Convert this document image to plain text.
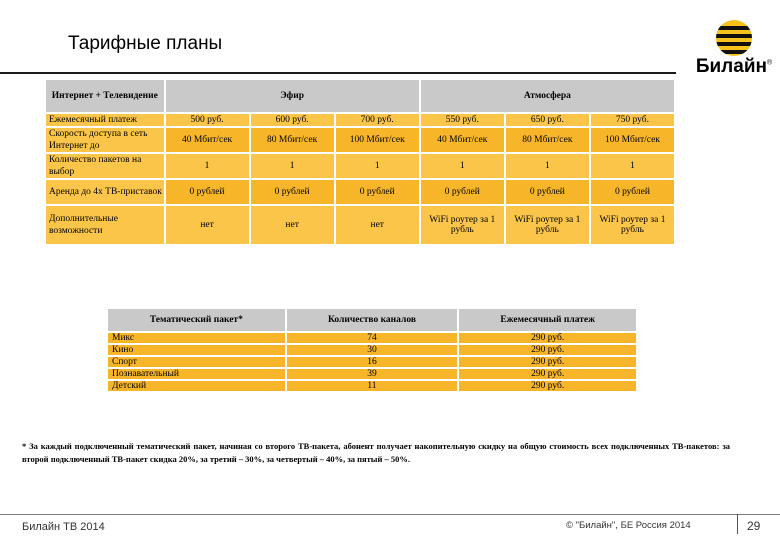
Тарифные планы
Билайн®
Интернет + Телевидение	Эфир			Атмосфера		
Ежемесячный платеж	500 руб.	600 руб.	700 руб.	550 руб.	650 руб.	750 руб.
Скорость доступа в сеть Интернет до	40 Мбит/сек	80 Мбит/сек	100 Мбит/сек	40 Мбит/сек	80 Мбит/сек	100 Мбит/сек
Количество пакетов на выбор	1	1	1	1	1	1
Аренда до 4х ТВ-приставок	0 рублей	0 рублей	0 рублей	0 рублей	0 рублей	0 рублей
Дополнительные возможности	нет	нет	нет	WiFi роутер за 1 рубль	WiFi роутер за 1 рубль	WiFi роутер за 1 рубль
Тематический пакет*	Количество каналов	Ежемесячный платеж
Микс	74	290 руб.
Кино	30	290 руб.
Спорт	16	290 руб.
Познавательный	39	290 руб.
Детский	11	290 руб.
* За каждый подключенный тематический пакет, начиная со второго ТВ-пакета, абонент получает накопительную скидку на общую стоимость всех подключенных ТВ-пакетов: за второй подключенный ТВ-пакет скидка 20%, за третий – 30%, за четвертый – 40%, за пятый – 50%.
Билайн ТВ 2014	© "Билайн", БЕ Россия 2014	29
